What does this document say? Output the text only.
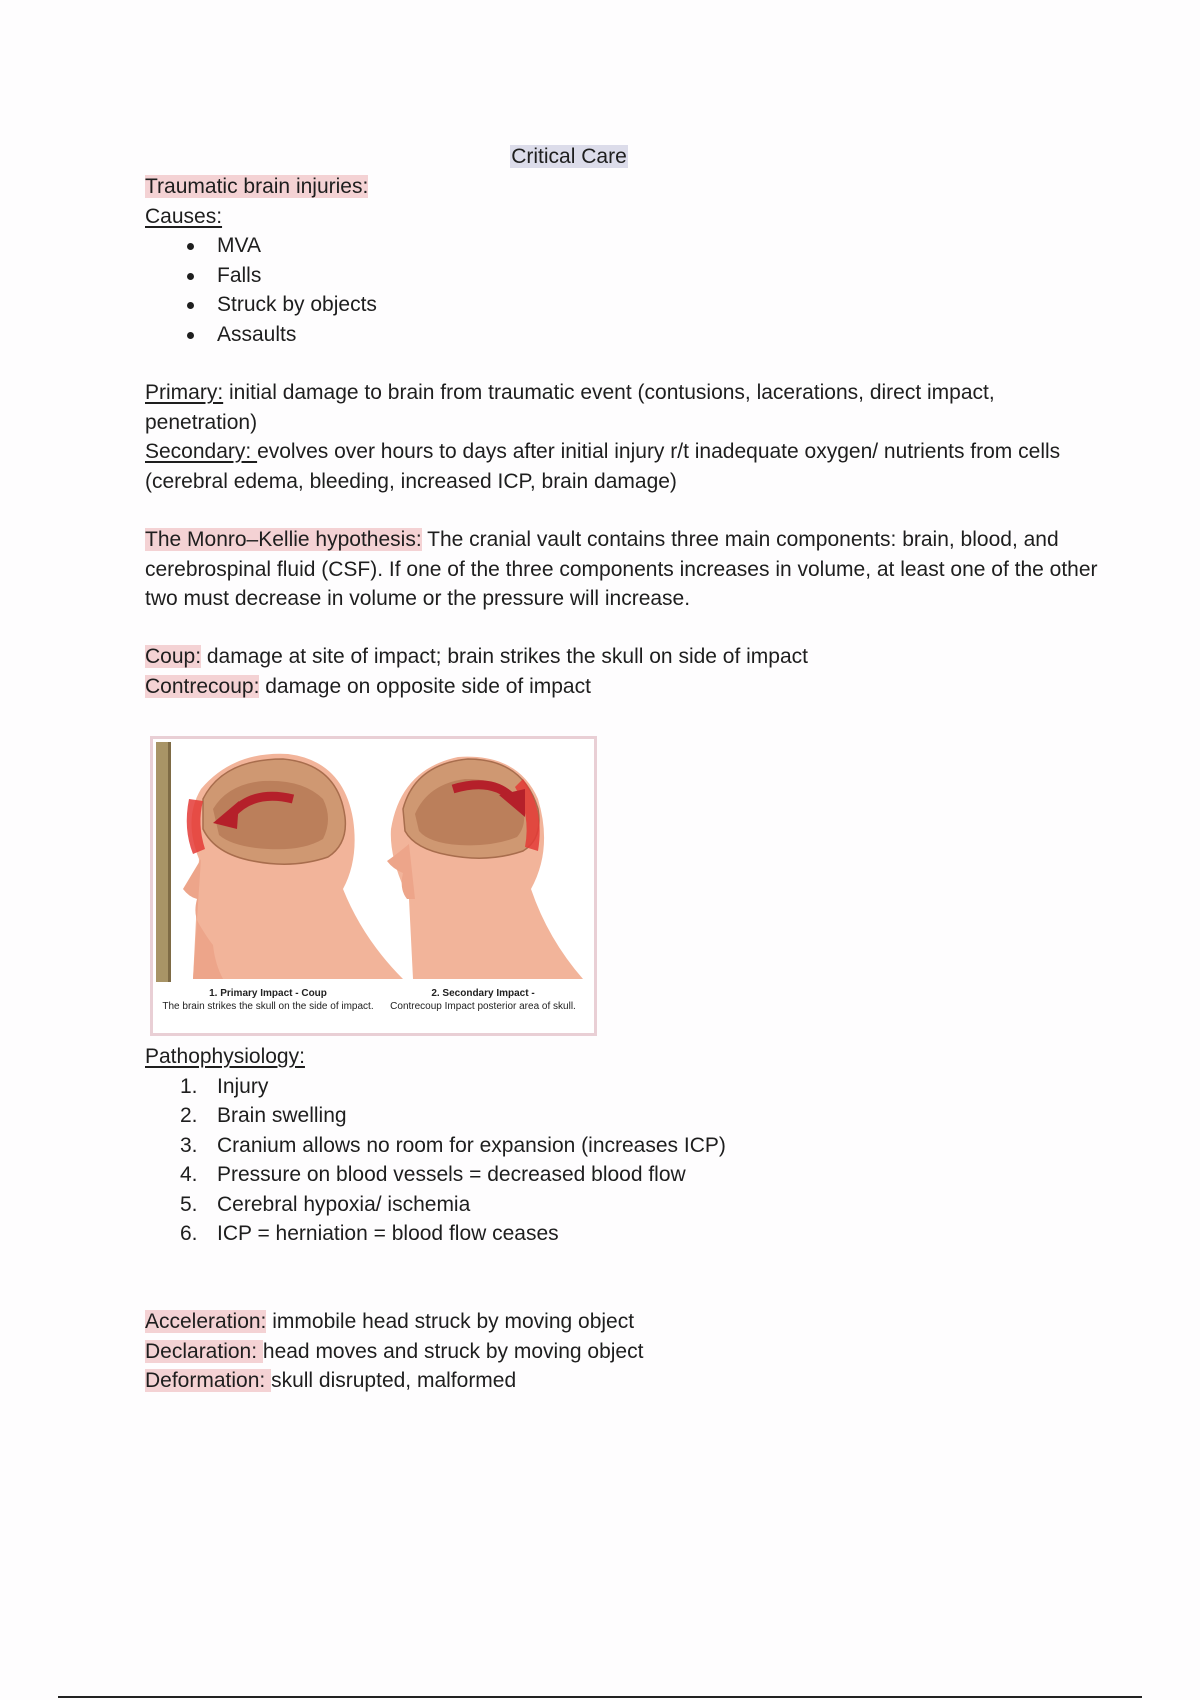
Critical Care

Traumatic brain injuries:

Causes:

MVA
Falls
Struck by objects
Assaults

Primary: initial damage to brain from traumatic event (contusions, lacerations, direct impact, penetration)

Secondary: evolves over hours to days after initial injury r/t inadequate oxygen/ nutrients from cells (cerebral edema, bleeding, increased ICP, brain damage)

The Monro–Kellie hypothesis: The cranial vault contains three main components: brain, blood, and cerebrospinal fluid (CSF). If one of the three components increases in volume, at least one of the other two must decrease in volume or the pressure will increase.

Coup: damage at site of impact; brain strikes the skull on side of impact

Contrecoup: damage on opposite side of impact

1. Primary Impact - Coup
The brain strikes the skull on the side of impact.
2. Secondary Impact -
Contrecoup Impact posterior area of skull.

Pathophysiology:

1. Injury
2. Brain swelling
3. Cranium allows no room for expansion (increases ICP)
4. Pressure on blood vessels = decreased blood flow
5. Cerebral hypoxia/ ischemia
6. ICP = herniation = blood flow ceases

Acceleration: immobile head struck by moving object

Declaration: head moves and struck by moving object

Deformation: skull disrupted, malformed
